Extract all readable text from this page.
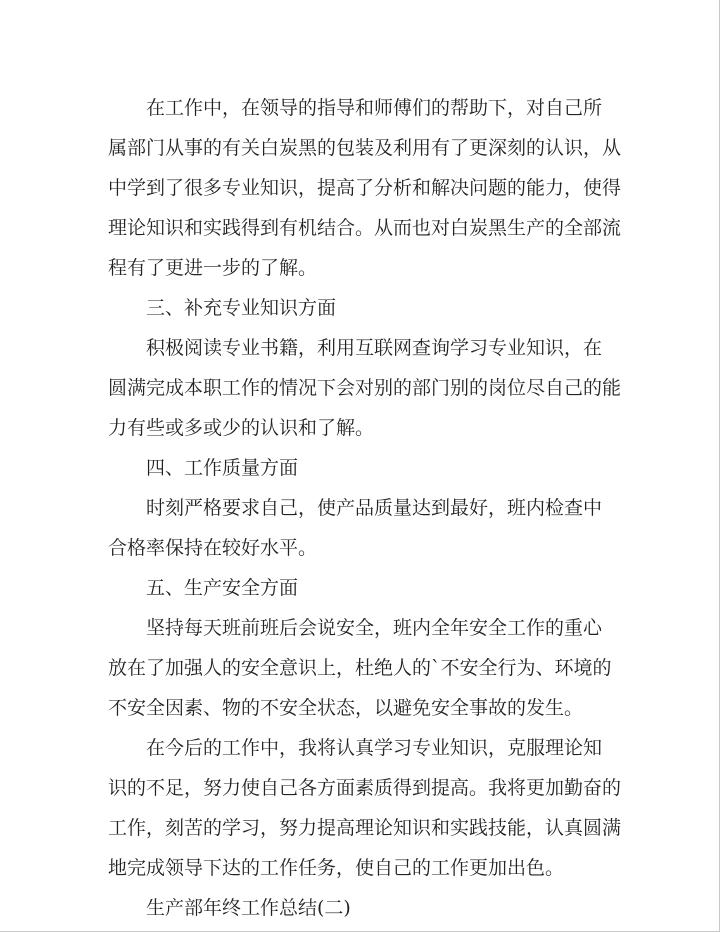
在工作中，在领导的指导和师傅们的帮助下，对自己所
属部门从事的有关白炭黑的包装及利用有了更深刻的认识，从
中学到了很多专业知识，提高了分析和解决问题的能力，使得
理论知识和实践得到有机结合。从而也对白炭黑生产的全部流
程有了更进一步的了解。
三、补充专业知识方面
积极阅读专业书籍，利用互联网查询学习专业知识，在
圆满完成本职工作的情况下会对别的部门别的岗位尽自己的能
力有些或多或少的认识和了解。
四、工作质量方面
时刻严格要求自己，使产品质量达到最好，班内检查中
合格率保持在较好水平。
五、生产安全方面
坚持每天班前班后会说安全，班内全年安全工作的重心
放在了加强人的安全意识上，杜绝人的`不安全行为、环境的
不安全因素、物的不安全状态，以避免安全事故的发生。
在今后的工作中，我将认真学习专业知识，克服理论知
识的不足，努力使自己各方面素质得到提高。我将更加勤奋的
工作，刻苦的学习，努力提高理论知识和实践技能，认真圆满
地完成领导下达的工作任务，使自己的工作更加出色。
生产部年终工作总结(二)
